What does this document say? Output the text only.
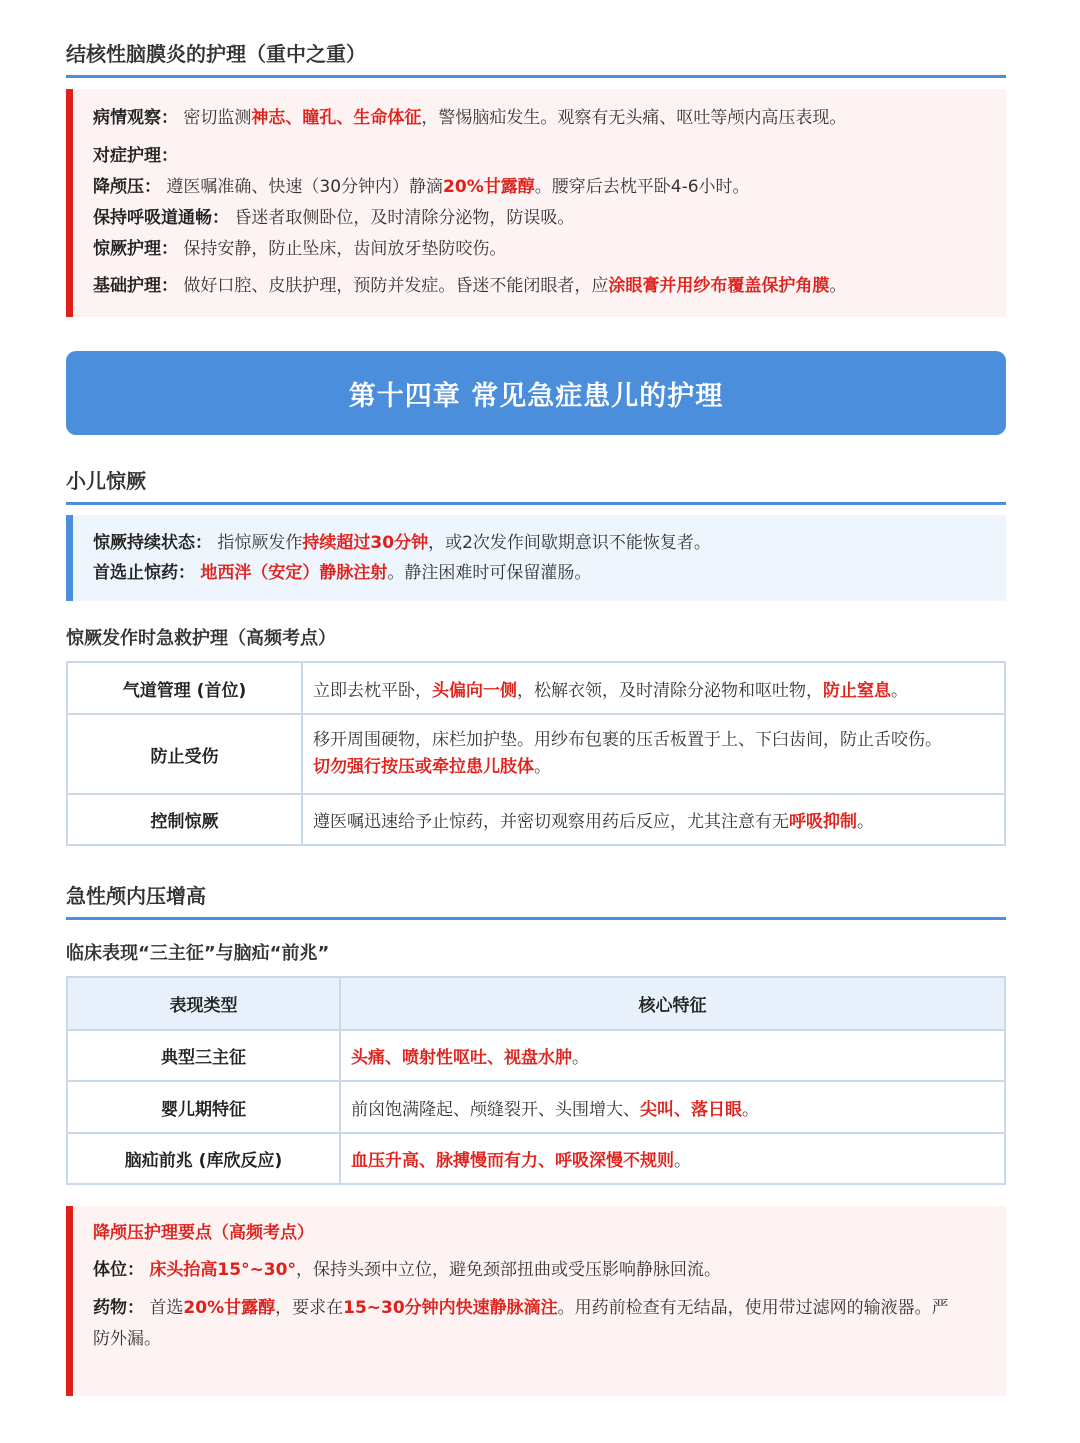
结核性脑膜炎的护理（重中之重）
病情观察： 密切监测神志、瞳孔、生命体征，警惕脑疝发生。观察有无头痛、呕吐等颅内高压表现。
对症护理：
降颅压： 遵医嘱准确、快速（30分钟内）静滴20%甘露醇。腰穿后去枕平卧4-6小时。
保持呼吸道通畅： 昏迷者取侧卧位，及时清除分泌物，防误吸。
惊厥护理： 保持安静，防止坠床，齿间放牙垫防咬伤。
基础护理： 做好口腔、皮肤护理，预防并发症。昏迷不能闭眼者，应涂眼膏并用纱布覆盖保护角膜。
第十四章 常见急症患儿的护理
小儿惊厥
惊厥持续状态： 指惊厥发作持续超过30分钟，或2次发作间歇期意识不能恢复者。
首选止惊药： 地西泮（安定）静脉注射。静注困难时可保留灌肠。
惊厥发作时急救护理（高频考点）
气道管理 (首位)	立即去枕平卧，头偏向一侧，松解衣领，及时清除分泌物和呕吐物，防止窒息。
防止受伤	移开周围硬物，床栏加护垫。用纱布包裹的压舌板置于上、下臼齿间，防止舌咬伤。
切勿强行按压或牵拉患儿肢体。
控制惊厥	遵医嘱迅速给予止惊药，并密切观察用药后反应，尤其注意有无呼吸抑制。
急性颅内压增高
临床表现“三主征”与脑疝“前兆”
表现类型	核心特征
典型三主征	头痛、喷射性呕吐、视盘水肿。
婴儿期特征	前囟饱满隆起、颅缝裂开、头围增大、尖叫、落日眼。
脑疝前兆 (库欣反应)	血压升高、脉搏慢而有力、呼吸深慢不规则。
降颅压护理要点（高频考点）
体位： 床头抬高15°~30°，保持头颈中立位，避免颈部扭曲或受压影响静脉回流。
药物： 首选20%甘露醇，要求在15~30分钟内快速静脉滴注。用药前检查有无结晶，使用带过滤网的输液器。严
防外漏。
